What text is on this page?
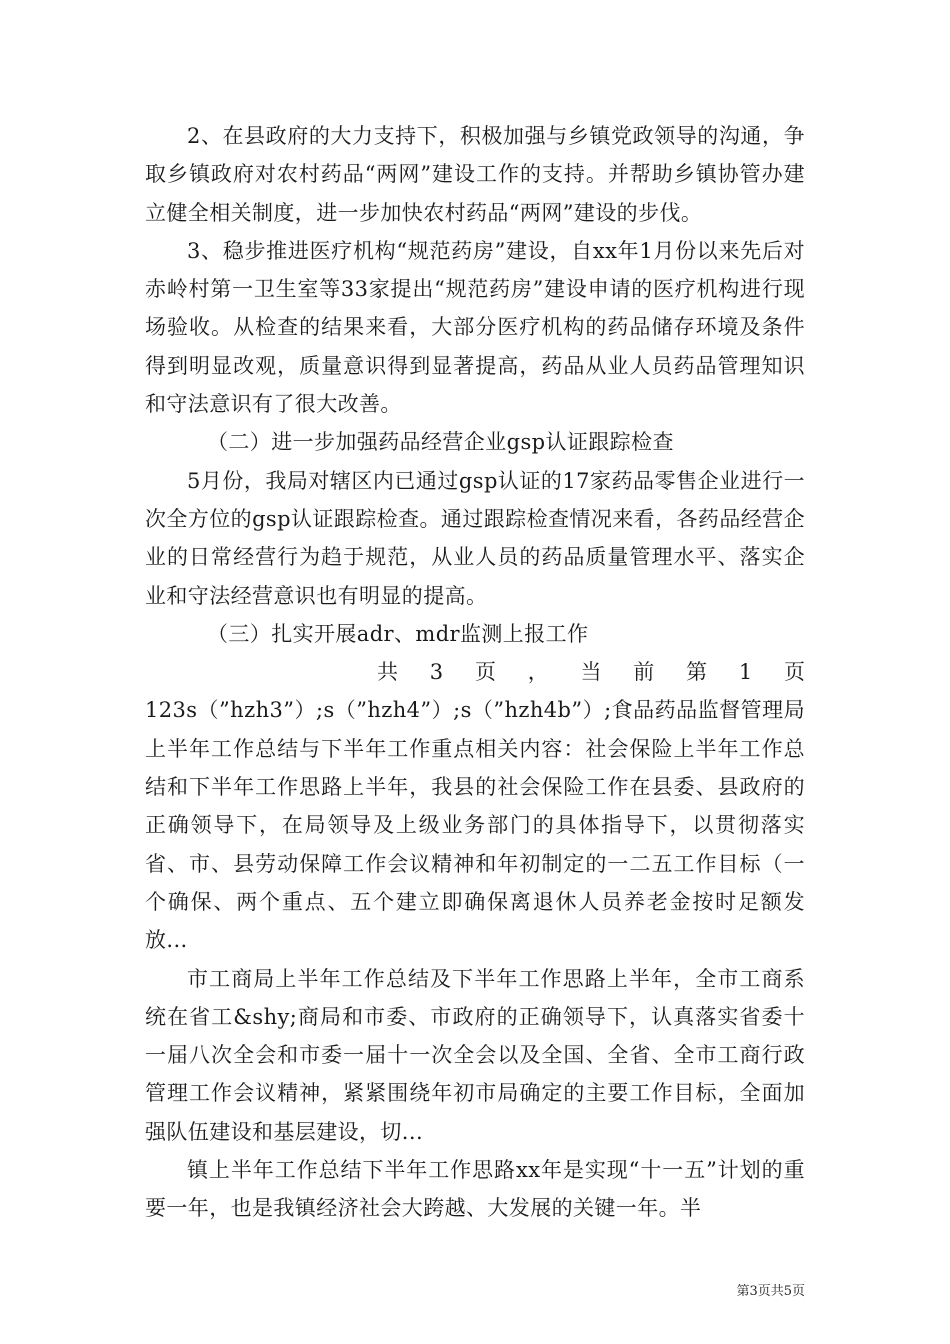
2、在县政府的大力支持下，积极加强与乡镇党政领导的沟通，争取乡镇政府对农村药品“两网”建设工作的支持。并帮助乡镇协管办建立健全相关制度，进一步加快农村药品“两网”建设的步伐。

3、稳步推进医疗机构“规范药房”建设，自xx年1月份以来先后对赤岭村第一卫生室等33家提出“规范药房”建设申请的医疗机构进行现场验收。从检查的结果来看，大部分医疗机构的药品储存环境及条件得到明显改观，质量意识得到显著提高，药品从业人员药品管理知识和守法意识有了很大改善。

（二）进一步加强药品经营企业gsp认证跟踪检查

5月份，我局对辖区内已通过gsp认证的17家药品零售企业进行一次全方位的gsp认证跟踪检查。通过跟踪检查情况来看，各药品经营企业的日常经营行为趋于规范，从业人员的药品质量管理水平、落实企业和守法经营意识也有明显的提高。

（三）扎实开展adr、mdr监测上报工作

共 3 页 ， 当 前 第 1 页

123s（”hzh3”）;s（”hzh4”）;s（”hzh4b”）;食品药品监督管理局上半年工作总结与下半年工作重点相关内容：社会保险上半年工作总结和下半年工作思路上半年，我县的社会保险工作在县委、县政府的正确领导下，在局领导及上级业务部门的具体指导下，以贯彻落实省、市、县劳动保障工作会议精神和年初制定的一二五工作目标（一个确保、两个重点、五个建立即确保离退休人员养老金按时足额发放...

市工商局上半年工作总结及下半年工作思路上半年，全市工商系统在省工&shy;商局和市委、市政府的正确领导下，认真落实省委十一届八次全会和市委一届十一次全会以及全国、全省、全市工商行政管理工作会议精神，紧紧围绕年初市局确定的主要工作目标，全面加强队伍建设和基层建设，切...

镇上半年工作总结下半年工作思路xx年是实现“十一五”计划的重要一年，也是我镇经济社会大跨越、大发展的关键一年。半

第3页共5页
